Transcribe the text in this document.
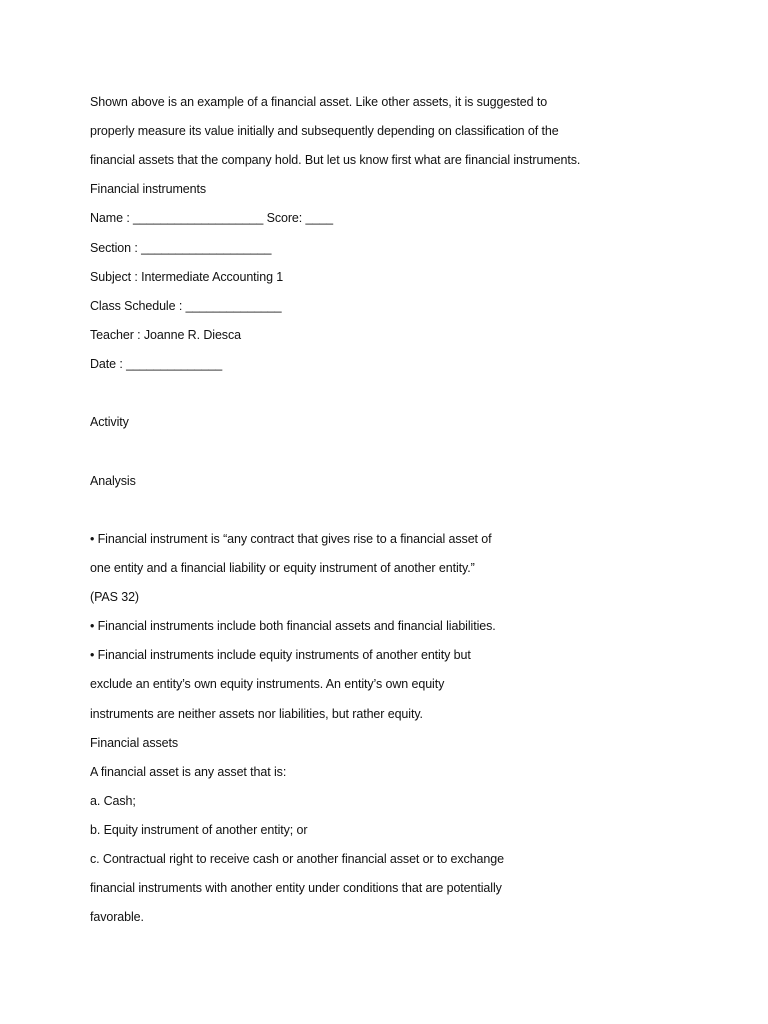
Shown above is an example of a financial asset. Like other assets, it is suggested to

properly measure its value initially and subsequently depending on classification of the

financial assets that the company hold. But let us know first what are financial instruments.

Financial instruments

Name : ___________________ Score: ____

Section : ___________________

Subject : Intermediate Accounting 1

Class Schedule : ______________

Teacher : Joanne R. Diesca

Date : ______________

Activity

Analysis

• Financial instrument is “any contract that gives rise to a financial asset of

one entity and a financial liability or equity instrument of another entity.”

(PAS 32)

• Financial instruments include both financial assets and financial liabilities.

• Financial instruments include equity instruments of another entity but

exclude an entity’s own equity instruments. An entity’s own equity

instruments are neither assets nor liabilities, but rather equity.

Financial assets

A financial asset is any asset that is:

a. Cash;

b. Equity instrument of another entity; or

c. Contractual right to receive cash or another financial asset or to exchange

financial instruments with another entity under conditions that are potentially

favorable.
